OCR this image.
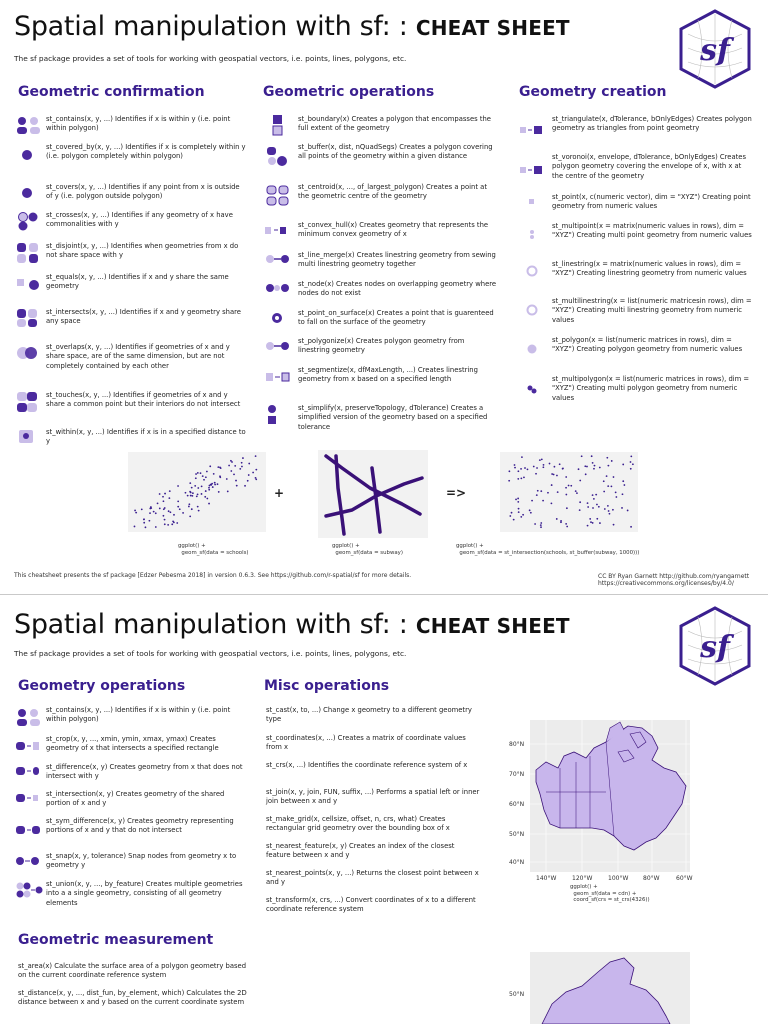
Spatial manipulation with sf: : CHEAT SHEET
The sf package provides a set of tools for working with geospatial vectors, i.e. points, lines, polygons, etc.	sf
Geometric confirmation	Geometric operations	Geometry creation
st_contains(x, y, ...) Identifies if x is within y (i.e. point within polygon)
st_covered_by(x, y, ...) Identifies if x is completely within y (i.e. polygon completely within polygon)
st_covers(x, y, ...) Identifies if any point from x is outside of y (i.e. polygon outside polygon)
st_crosses(x, y, ...) Identifies if any geometry of x have commonalities with y
st_disjoint(x, y, ...) Identifies when geometries from x do not share space with y
st_equals(x, y, ...) Identifies if x and y share the same geometry
st_intersects(x, y, ...) Identifies if x and y geometry share any space
st_overlaps(x, y, ...) Identifies if geometries of x and y share space, are of the same dimension, but are not completely contained by each other
st_touches(x, y, ...) Identifies if geometries of x and y share a common point but their interiors do not intersect
st_within(x, y, ...) Identifies if x is in a specified distance to y
st_boundary(x) Creates a polygon that encompasses the full extent of the geometry
st_buffer(x, dist, nQuadSegs) Creates a polygon covering all points of the geometry within a given distance
st_centroid(x, ..., of_largest_polygon) Creates a point at the geometric centre of the geometry
st_convex_hull(x) Creates geometry that represents the minimum convex geometry of x
st_line_merge(x) Creates linestring geometry from sewing multi linestring geometry together
st_node(x) Creates nodes on overlapping geometry where nodes do not exist
st_point_on_surface(x) Creates a point that is guarenteed to fall on the surface of the geometry
st_polygonize(x) Creates polygon geometry from linestring geometry
st_segmentize(x, dfMaxLength, ...) Creates linestring geometry from x based on a specified length
st_simplify(x, preserveTopology, dTolerance) Creates a simplified version of the geometry based on a specified tolerance
st_triangulate(x, dTolerance, bOnlyEdges) Creates polygon geometry as triangles from point geometry
st_voronoi(x, envelope, dTolerance, bOnlyEdges) Creates polygon geometry covering the envelope of x, with x at the centre of the geometry
st_point(x, c(numeric vector), dim = "XYZ") Creating point geometry from numeric values
st_multipoint(x = matrix(numeric values in rows), dim = "XYZ") Creating multi point geometry from numeric values
st_linestring(x = matrix(numeric values in rows), dim = "XYZ") Creating linestring geometry from numeric values
st_multilinestring(x = list(numeric matricesin rows), dim = "XYZ") Creating multi linestring geometry from numeric values
st_polygon(x = list(numeric matrices in rows), dim = "XYZ") Creating polygon geometry from numeric values
st_multipolygon(x = list(numeric matrices in rows), dim = "XYZ") Creating multi polygon geometry from numeric values
ggplot() +
geom_sf(data = schools)
+
ggplot() +
geom_sf(data = subway)
=>
ggplot() +
geom_sf(data = st_intersection(schools, st_buffer(subway, 1000)))
This cheatsheet presents the sf package [Edzer Pebesma 2018] in version 0.6.3. See https://github.com/r-spatial/sf for more details.	CC BY Ryan Garnett http://github.com/ryangarnett
https://creativecommons.org/licenses/by/4.0/
Spatial manipulation with sf: : CHEAT SHEET
The sf package provides a set of tools for working with geospatial vectors, i.e. points, lines, polygons, etc.	sf
Geometry operations	Misc operations
Geometric measurement
st_contains(x, y, ...) Identifies if x is within y (i.e. point within polygon)
st_crop(x, y, ..., xmin, ymin, xmax, ymax) Creates geometry of x that intersects a specified rectangle
st_difference(x, y) Creates geometry from x that does not intersect with y
st_intersection(x, y) Creates geometry of the shared portion of x and y
st_sym_difference(x, y) Creates geometry representing portions of x and y that do not intersect
st_snap(x, y, tolerance) Snap nodes from geometry x to geometry y
st_union(x, y, ..., by_feature) Creates multiple geometries into a a single geometry, consisting of all geometry elements
st_cast(x, to, ...) Change x geometry to a different geometry type
st_coordinates(x, ...) Creates a matrix of coordinate values from x
st_crs(x, ...) Identifies the coordinate reference system of x
st_join(x, y, join, FUN, suffix, ...) Performs a spatial left or inner join between x and y
st_make_grid(x, cellsize, offset, n, crs, what) Creates rectangular grid geometry over the bounding box of x
st_nearest_feature(x, y) Creates an index of the closest feature between x and y
st_nearest_points(x, y, ...) Returns the closest point between x and y
st_transform(x, crs, ...) Convert coordinates of x to a different coordinate reference system
st_area(x) Calculate the surface area of a polygon geometry based on the current coordinate reference system
st_distance(x, y, ..., dist_fun, by_element, which) Calculates the 2D distance between x and y based on the current coordinate system
80°N
70°N
60°N
50°N
40°N
140°W	120°W	100°W 80°W	60°W
ggplot() +
geom_sf(data = cdn) +
coord_sf(crs = st_crs(4326))
50°N
